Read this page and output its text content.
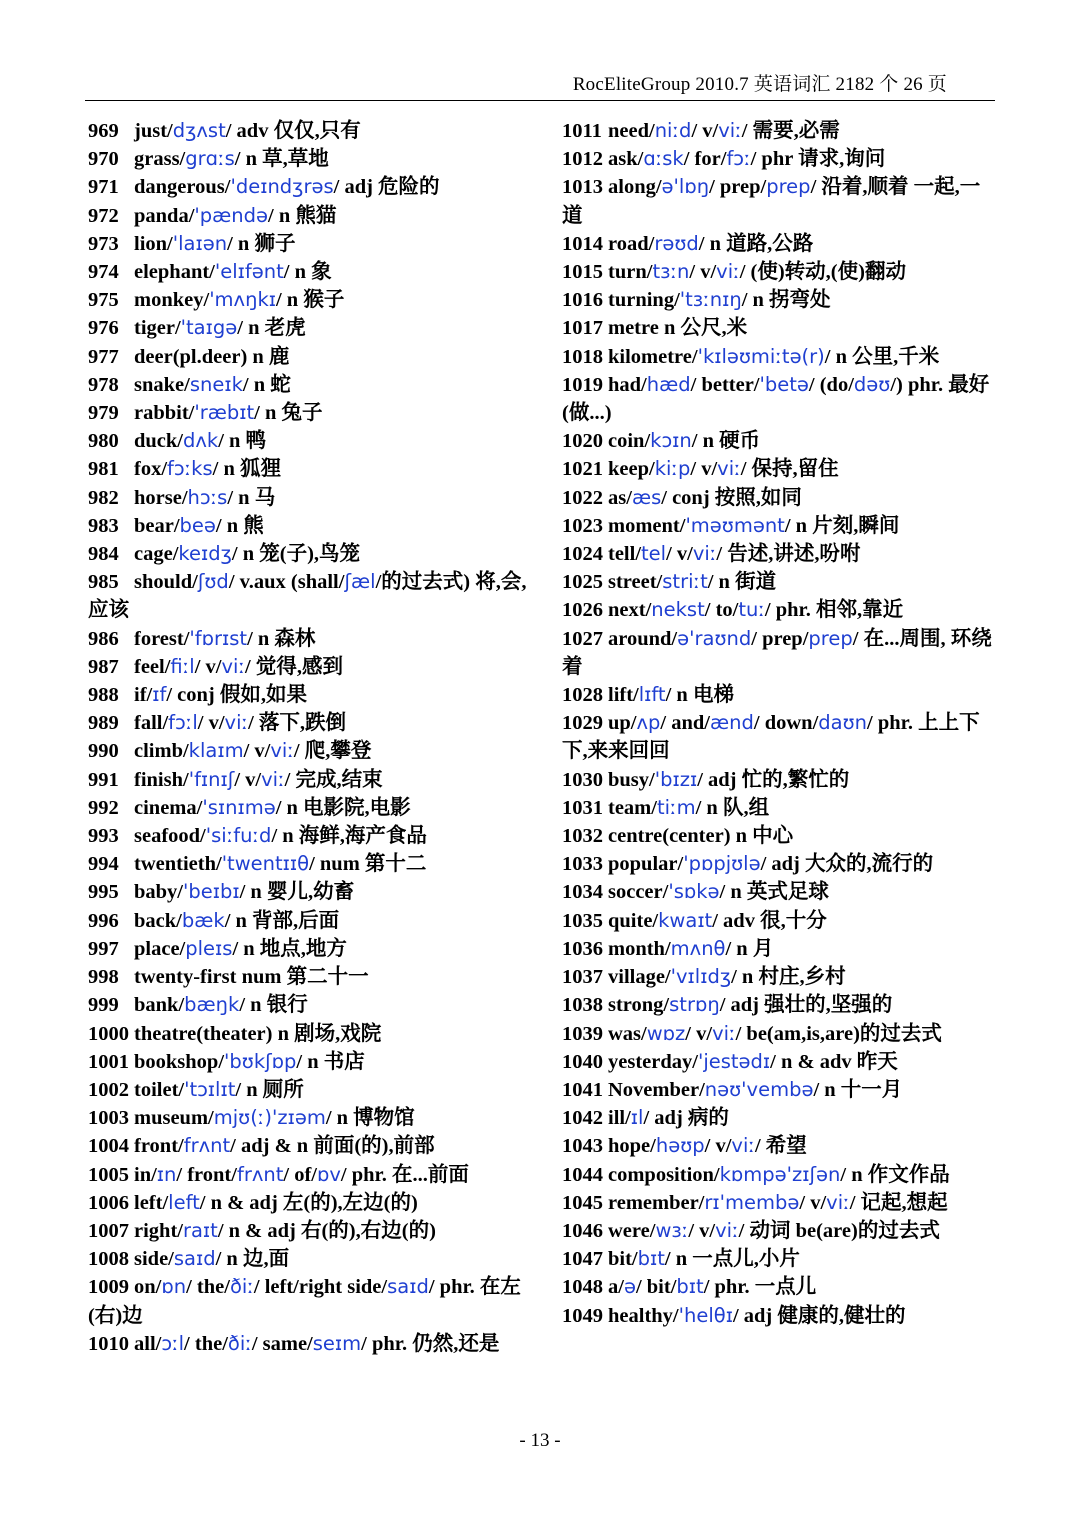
RocEliteGroup 2010.7 英语词汇 2182 个 26 页
969 just/dʒʌst/ adv 仅仅,只有
970 grass/grɑːs/ n 草,草地
971 dangerous/'deɪndʒrəs/ adj 危险的
972 panda/'pændə/ n 熊猫
973 lion/'laɪən/ n 狮子
974 elephant/'elɪfənt/ n 象
975 monkey/'mʌŋkɪ/ n 猴子
976 tiger/'taɪgə/ n 老虎
977 deer(pl.deer) n 鹿
978 snake/sneɪk/ n 蛇
979 rabbit/'ræbɪt/ n 兔子
980 duck/dʌk/ n 鸭
981 fox/fɔːks/ n 狐狸
982 horse/hɔːs/ n 马
983 bear/beə/ n 熊
984 cage/keɪdʒ/ n 笼(子),鸟笼
985 should/ʃʊd/ v.aux (shall/ʃæl/的过去式) 将,会,应该
986 forest/'fɒrɪst/ n 森林
987 feel/fiːl/ v/viː/ 觉得,感到
988 if/ɪf/ conj 假如,如果
989 fall/fɔːl/ v/viː/ 落下,跌倒
990 climb/klaɪm/ v/viː/ 爬,攀登
991 finish/'fɪnɪʃ/ v/viː/ 完成,结束
992 cinema/'sɪnɪmə/ n 电影院,电影
993 seafood/'siːfuːd/ n 海鲜,海产食品
994 twentieth/'twentɪɪθ/ num 第十二
995 baby/'beɪbɪ/ n 婴儿,幼畜
996 back/bæk/ n 背部,后面
997 place/pleɪs/ n 地点,地方
998 twenty-first num 第二十一
999 bank/bæŋk/ n 银行
1000 theatre(theater) n 剧场,戏院
1001 bookshop/'bʊkʃɒp/ n 书店
1002 toilet/'tɔɪlɪt/ n 厕所
1003 museum/mjʊ(ː)'zɪəm/ n 博物馆
1004 front/frʌnt/ adj & n 前面(的),前部
1005 in/ɪn/ front/frʌnt/ of/ɒv/ phr. 在...前面
1006 left/left/ n & adj 左(的),左边(的)
1007 right/raɪt/ n & adj 右(的),右边(的)
1008 side/saɪd/ n 边,面
1009 on/ɒn/ the/ðiː/ left/right side/saɪd/ phr. 在左(右)边
1010 all/ɔːl/ the/ðiː/ same/seɪm/ phr. 仍然,还是
1011 need/niːd/ v/viː/ 需要,必需
1012 ask/ɑːsk/ for/fɔː/ phr 请求,询问
1013 along/ə'lɒŋ/ prep/prep/ 沿着,顺着 一起,一道
1014 road/rəʊd/ n 道路,公路
1015 turn/tɜːn/ v/viː/ (使)转动,(使)翻动
1016 turning/'tɜːnɪŋ/ n 拐弯处
1017 metre n 公尺,米
1018 kilometre/'kɪləʊmiːtə(r)/ n 公里,千米
1019 had/hæd/ better/'betə/ (do/dəʊ/) phr. 最好(做...)
1020 coin/kɔɪn/ n 硬币
1021 keep/kiːp/ v/viː/ 保持,留住
1022 as/æs/ conj 按照,如同
1023 moment/'məʊmənt/ n 片刻,瞬间
1024 tell/tel/ v/viː/ 告述,讲述,吩咐
1025 street/striːt/ n 街道
1026 next/nekst/ to/tuː/ phr. 相邻,靠近
1027 around/ə'raʊnd/ prep/prep/ 在...周围, 环绕着
1028 lift/lɪft/ n 电梯
1029 up/ʌp/ and/ænd/ down/daʊn/ phr. 上上下下,来来回回
1030 busy/'bɪzɪ/ adj 忙的,繁忙的
1031 team/tiːm/ n 队,组
1032 centre(center) n 中心
1033 popular/'pɒpjʊlə/ adj 大众的,流行的
1034 soccer/'sɒkə/ n 英式足球
1035 quite/kwaɪt/ adv 很,十分
1036 month/mʌnθ/ n 月
1037 village/'vɪlɪdʒ/ n 村庄,乡村
1038 strong/strɒŋ/ adj 强壮的,坚强的
1039 was/wɒz/ v/viː/ be(am,is,are)的过去式
1040 yesterday/'jestədɪ/ n & adv 昨天
1041 November/nəʊ'vembə/ n 十一月
1042 ill/ɪl/ adj 病的
1043 hope/həʊp/ v/viː/ 希望
1044 composition/kɒmpə'zɪʃən/ n 作文作品
1045 remember/rɪ'membə/ v/viː/ 记起,想起
1046 were/wɜː/ v/viː/ 动词 be(are)的过去式
1047 bit/bɪt/ n 一点儿,小片
1048 a/ə/ bit/bɪt/ phr. 一点儿
1049 healthy/'helθɪ/ adj 健康的,健壮的
- 13 -
